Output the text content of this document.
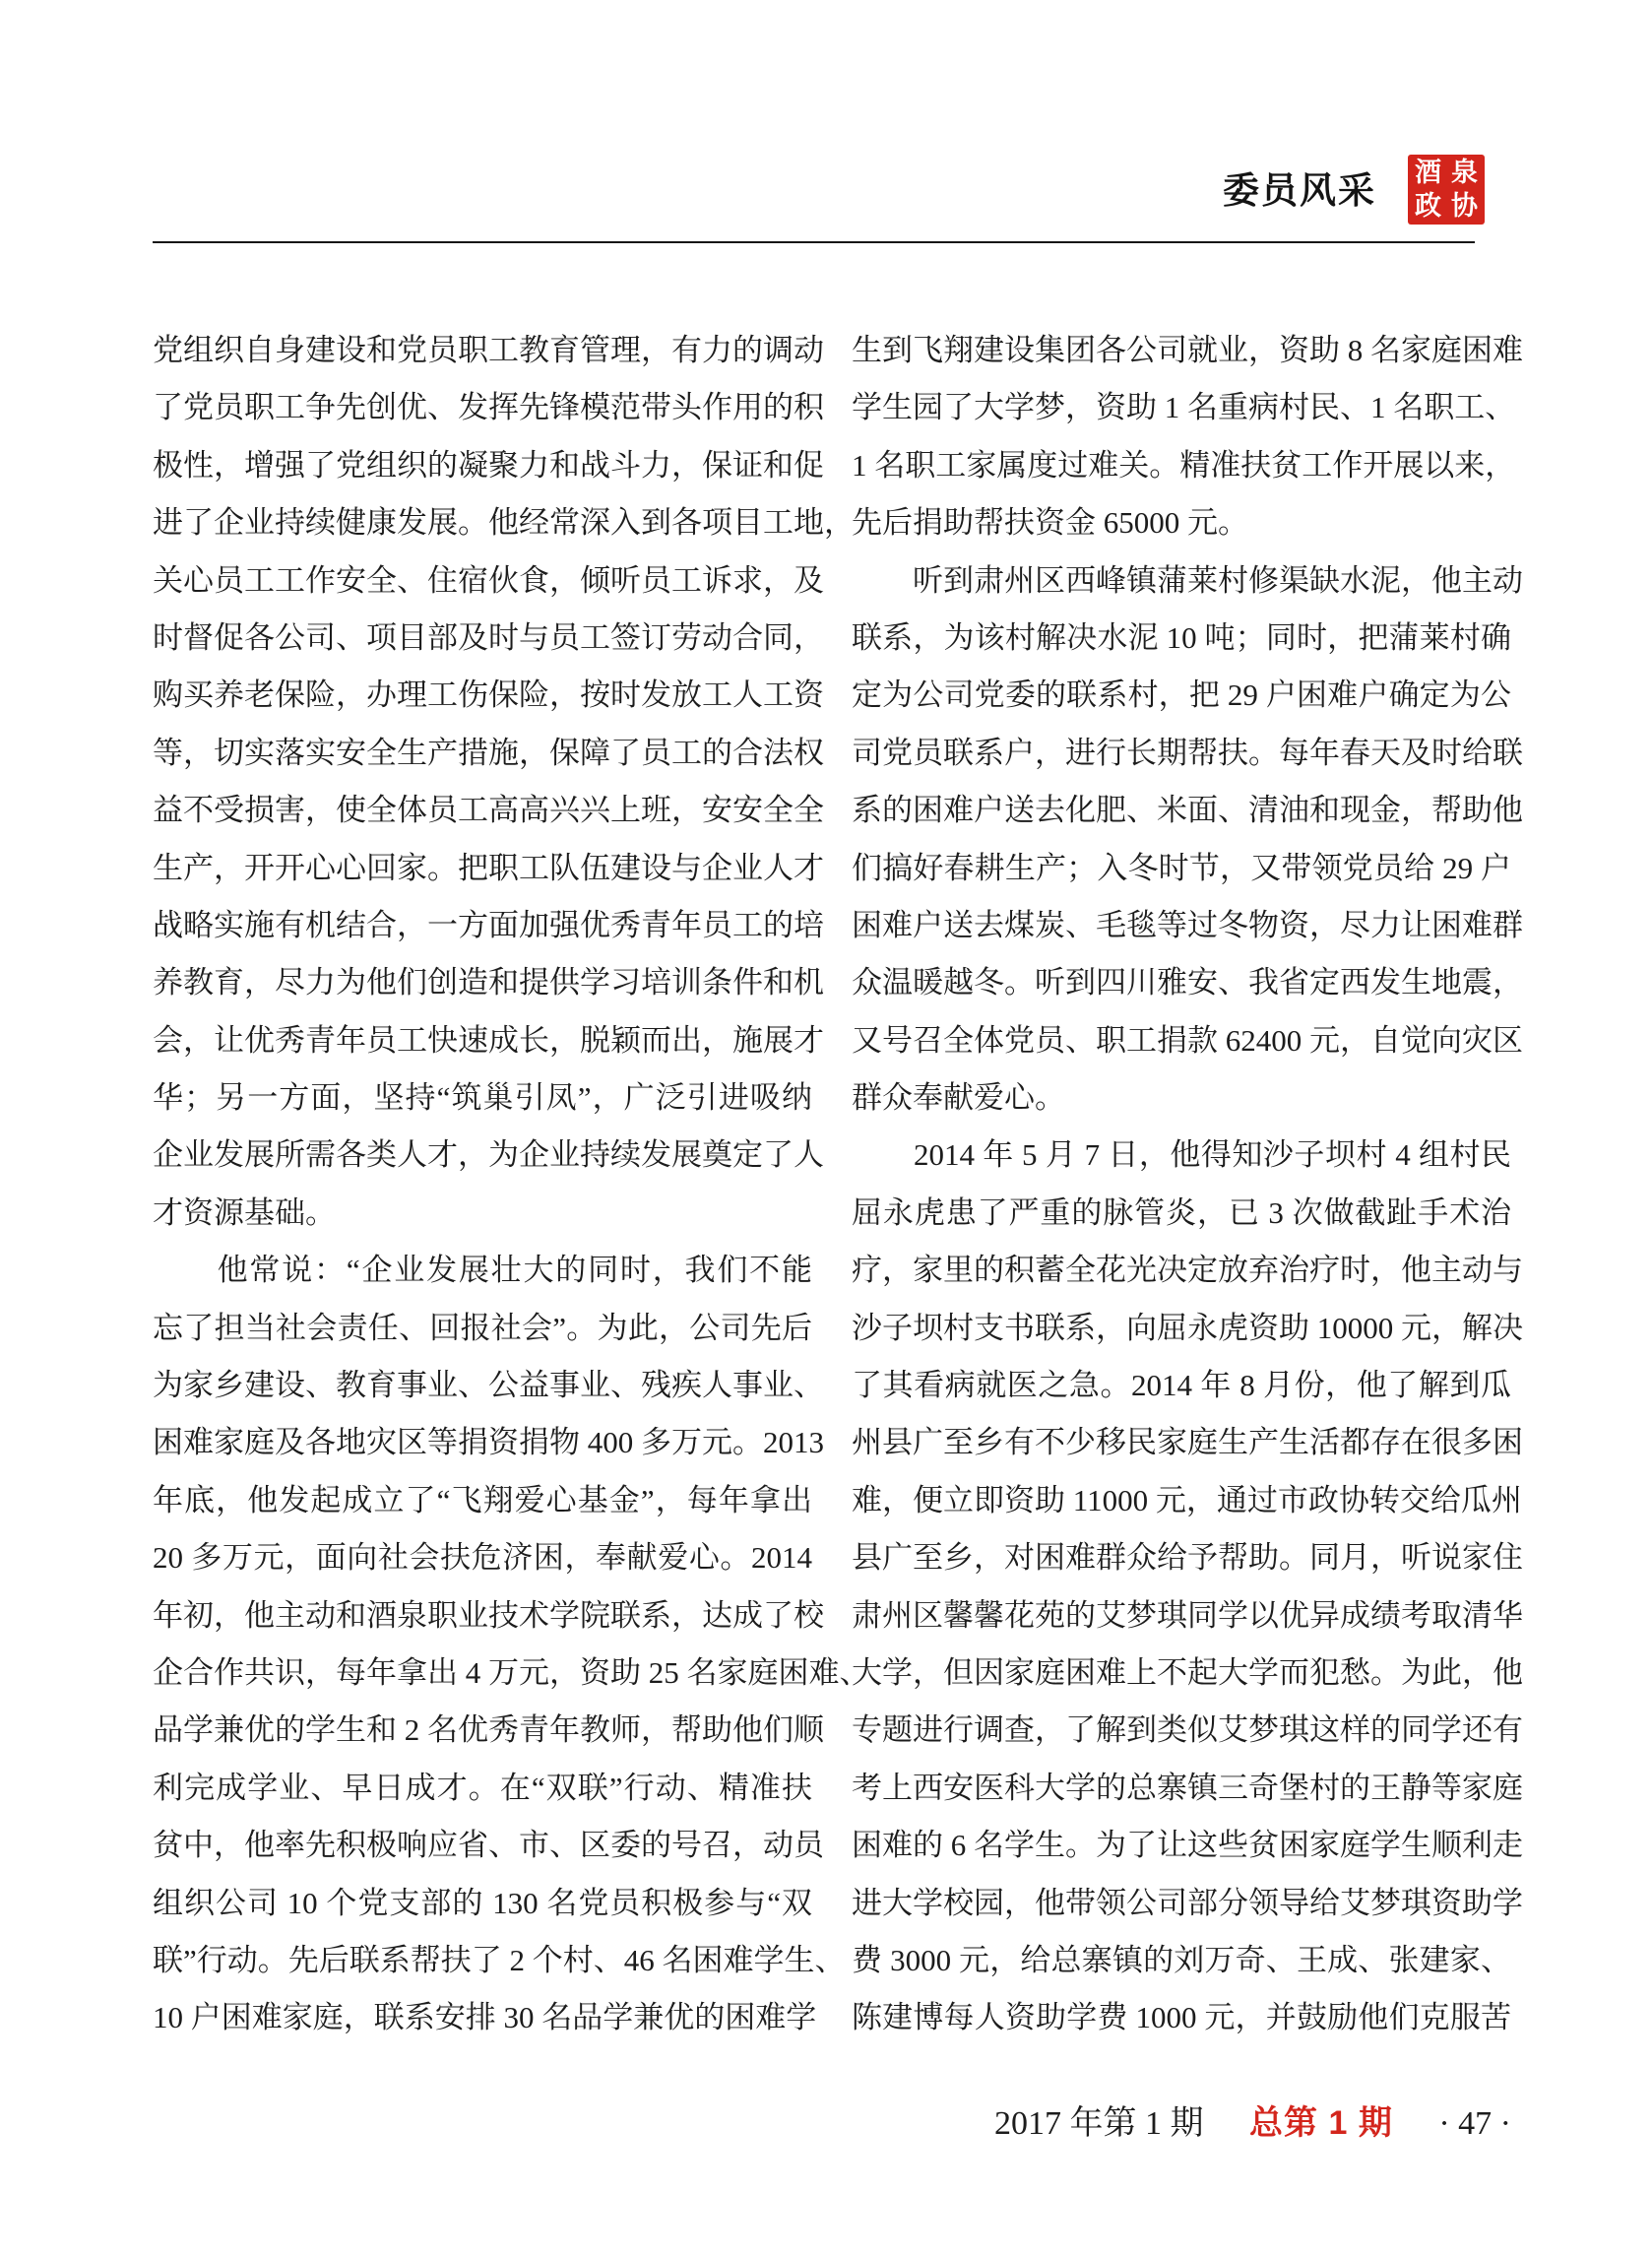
委员风采 酒 泉
政 协
党组织自身建设和党员职工教育管理，有力的调动
了党员职工争先创优、发挥先锋模范带头作用的积
极性，增强了党组织的凝聚力和战斗力，保证和促
进了企业持续健康发展。他经常深入到各项目工地，
关心员工工作安全、住宿伙食，倾听员工诉求，及
时督促各公司、项目部及时与员工签订劳动合同，
购买养老保险，办理工伤保险，按时发放工人工资
等，切实落实安全生产措施，保障了员工的合法权
益不受损害，使全体员工高高兴兴上班，安安全全
生产，开开心心回家。把职工队伍建设与企业人才
战略实施有机结合，一方面加强优秀青年员工的培
养教育，尽力为他们创造和提供学习培训条件和机
会，让优秀青年员工快速成长，脱颖而出，施展才
华；另一方面，坚持“筑巢引凤”，广泛引进吸纳
企业发展所需各类人才，为企业持续发展奠定了人
才资源基础。
　　他常说：“企业发展壮大的同时，我们不能
忘了担当社会责任、回报社会”。为此，公司先后
为家乡建设、教育事业、公益事业、残疾人事业、
困难家庭及各地灾区等捐资捐物 400 多万元。2013
年底，他发起成立了“飞翔爱心基金”，每年拿出
20 多万元，面向社会扶危济困，奉献爱心。2014
年初，他主动和酒泉职业技术学院联系，达成了校
企合作共识，每年拿出 4 万元，资助 25 名家庭困难、
品学兼优的学生和 2 名优秀青年教师，帮助他们顺
利完成学业、早日成才。在“双联”行动、精准扶
贫中，他率先积极响应省、市、区委的号召，动员
组织公司 10 个党支部的 130 名党员积极参与“双
联”行动。先后联系帮扶了 2 个村、46 名困难学生、
10 户困难家庭，联系安排 30 名品学兼优的困难学
生到飞翔建设集团各公司就业，资助 8 名家庭困难
学生园了大学梦，资助 1 名重病村民、1 名职工、
1 名职工家属度过难关。精准扶贫工作开展以来，
先后捐助帮扶资金 65000 元。
　　听到肃州区西峰镇蒲莱村修渠缺水泥，他主动
联系，为该村解决水泥 10 吨；同时，把蒲莱村确
定为公司党委的联系村，把 29 户困难户确定为公
司党员联系户，进行长期帮扶。每年春天及时给联
系的困难户送去化肥、米面、清油和现金，帮助他
们搞好春耕生产；入冬时节，又带领党员给 29 户
困难户送去煤炭、毛毯等过冬物资，尽力让困难群
众温暖越冬。听到四川雅安、我省定西发生地震，
又号召全体党员、职工捐款 62400 元，自觉向灾区
群众奉献爱心。
　　2014 年 5 月 7 日，他得知沙子坝村 4 组村民
屈永虎患了严重的脉管炎，已 3 次做截趾手术治
疗，家里的积蓄全花光决定放弃治疗时，他主动与
沙子坝村支书联系，向屈永虎资助 10000 元，解决
了其看病就医之急。2014 年 8 月份，他了解到瓜
州县广至乡有不少移民家庭生产生活都存在很多困
难，便立即资助 11000 元，通过市政协转交给瓜州
县广至乡，对困难群众给予帮助。同月，听说家住
肃州区馨馨花苑的艾梦琪同学以优异成绩考取清华
大学，但因家庭困难上不起大学而犯愁。为此，他
专题进行调查，了解到类似艾梦琪这样的同学还有
考上西安医科大学的总寨镇三奇堡村的王静等家庭
困难的 6 名学生。为了让这些贫困家庭学生顺利走
进大学校园，他带领公司部分领导给艾梦琪资助学
费 3000 元，给总寨镇的刘万奇、王成、张建家、
陈建博每人资助学费 1000 元，并鼓励他们克服苦
2017 年第 1 期 总第 1 期 · 47 ·
